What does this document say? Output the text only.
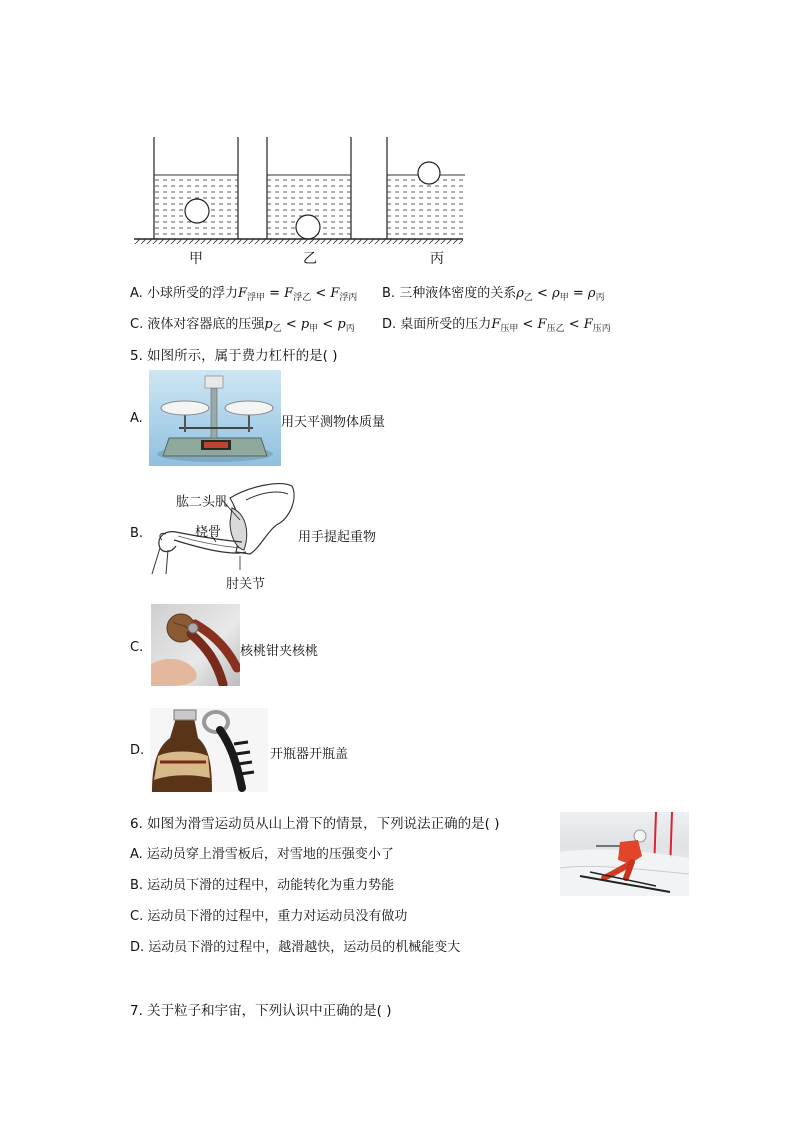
甲	乙	丙
A. 小球所受的浮力$F_{浮甲} = F_{浮乙} < F_{浮丙}$ B. 三种液体密度的关系$\rho_乙 < \rho_甲 = \rho_丙$
C. 液体对容器底的压强$p_乙 < p_甲 < p_丙$ D. 桌面所受的压力$F_{压甲} < F_{压乙} < F_{压丙}$
5. 如图所示，属于费力杠杆的是( )
A.	用天平测物体质量
B.
肱二头肌
桡骨
肘关节
用手提起重物
C.	核桃钳夹核桃
D.	开瓶器开瓶盖
6. 如图为滑雪运动员从山上滑下的情景，下列说法正确的是( )
A. 运动员穿上滑雪板后，对雪地的压强变小了
B. 运动员下滑的过程中，动能转化为重力势能
C. 运动员下滑的过程中，重力对运动员没有做功
D. 运动员下滑的过程中，越滑越快，运动员的机械能变大
7. 关于粒子和宇宙，下列认识中正确的是( )
